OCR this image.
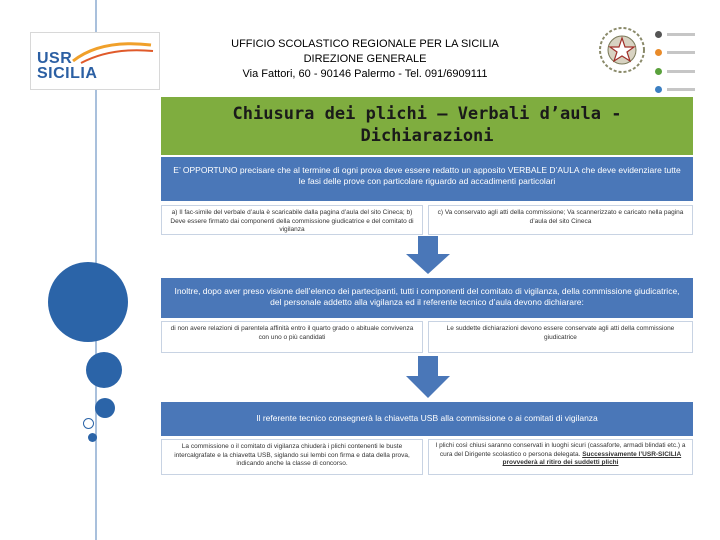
USR
SICILIA
UFFICIO SCOLASTICO REGIONALE PER LA SICILIA
DIREZIONE GENERALE
Via Fattori, 60 - 90146 Palermo - Tel. 091/6909111
Chiusura dei plichi – Verbali d’aula -
Dichiarazioni
E’ OPPORTUNO precisare che al termine di ogni prova deve essere redatto un apposito VERBALE D’AULA che deve evidenziare tutte le fasi delle prove con particolare riguardo ad accadimenti particolari
a) Il fac-simile del verbale d’aula è scaricabile dalla pagina d’aula del sito Cineca; b) Deve essere firmato dai componenti della commissione giudicatrice e del comitato di vigilanza
c) Va conservato agli atti della commissione; Va scannerizzato e caricato nella pagina d’aula del sito Cineca
Inoltre, dopo aver preso visione dell’elenco dei partecipanti, tutti i componenti del comitato di vigilanza, della commissione giudicatrice, del personale addetto alla vigilanza ed il referente tecnico d’aula devono dichiarare:
di non avere relazioni di parentela affinità entro il quarto grado o abituale convivenza con uno o più candidati
Le suddette dichiarazioni devono essere conservate agli atti della commissione giudicatrice
Il referente tecnico consegnerà la chiavetta USB alla commissione o ai comitati di vigilanza
La commissione o il comitato di vigilanza chiuderà i plichi contenenti le buste intercalgrafate e la chiavetta USB, siglando sui lembi con firma e data della prova, indicando anche la classe di concorso.
I plichi così chiusi saranno conservati in luoghi sicuri (cassaforte, armadi blindati etc.) a cura del Dirigente scolastico o persona delegata. Successivamente l’USR-SICILIA provvederà al ritiro dei suddetti plichi
